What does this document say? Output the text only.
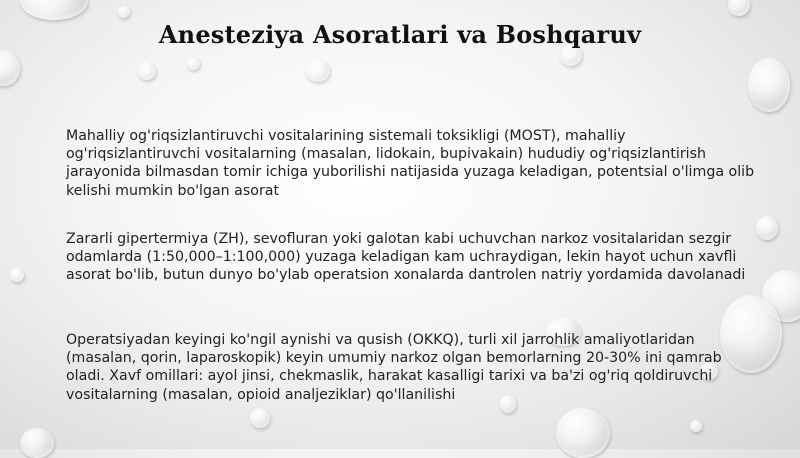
Anesteziya Asoratlari va Boshqaruv

Mahalliy og'riqsizlantiruvchi vositalarining sistemali toksikligi (MOST), mahalliy og'riqsizlantiruvchi vositalarning (masalan, lidokain, bupivakain) hududiy og'riqsizlantirish jarayonida bilmasdan tomir ichiga yuborilishi natijasida yuzaga keladigan, potentsial o'limga olib kelishi mumkin bo'lgan asorat

Zararli gipertermiya (ZH), sevofluran yoki galotan kabi uchuvchan narkoz vositalaridan sezgir odamlarda (1:50,000–1:100,000) yuzaga keladigan kam uchraydigan, lekin hayot uchun xavfli asorat bo'lib, butun dunyo bo'ylab operatsion xonalarda dantrolen natriy yordamida davolanadi

Operatsiyadan keyingi ko'ngil aynishi va qusish (OKKQ), turli xil jarrohlik amaliyotlaridan (masalan, qorin, laparoskopik) keyin umumiy narkoz olgan bemorlarning 20-30% ini qamrab oladi. Xavf omillari: ayol jinsi, chekmaslik, harakat kasalligi tarixi va ba'zi og'riq qoldiruvchi vositalarning (masalan, opioid analjeziklar) qo'llanilishi
